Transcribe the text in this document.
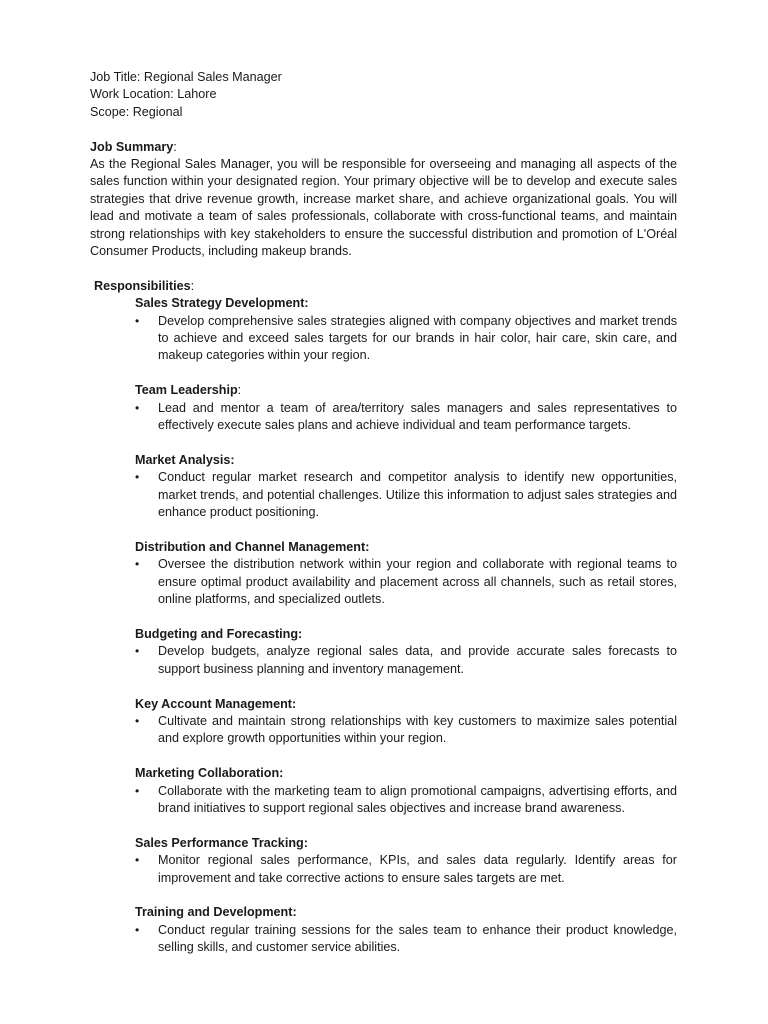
Job Title: Regional Sales Manager

Work Location: Lahore

Scope: Regional

Job Summary:

As the Regional Sales Manager, you will be responsible for overseeing and managing all aspects of the sales function within your designated region. Your primary objective will be to develop and execute sales strategies that drive revenue growth, increase market share, and achieve organizational goals. You will lead and motivate a team of sales professionals, collaborate with cross-functional teams, and maintain strong relationships with key stakeholders to ensure the successful distribution and promotion of L'Oréal Consumer Products, including makeup brands.

Responsibilities:

Sales Strategy Development:

•	Develop comprehensive sales strategies aligned with company objectives and market trends to achieve and exceed sales targets for our brands in hair color, hair care, skin care, and makeup categories within your region.

Team Leadership:

•	Lead and mentor a team of area/territory sales managers and sales representatives to effectively execute sales plans and achieve individual and team performance targets.

Market Analysis:

•	Conduct regular market research and competitor analysis to identify new opportunities, market trends, and potential challenges. Utilize this information to adjust sales strategies and enhance product positioning.

Distribution and Channel Management:

•	Oversee the distribution network within your region and collaborate with regional teams to ensure optimal product availability and placement across all channels, such as retail stores, online platforms, and specialized outlets.

Budgeting and Forecasting:

•	Develop budgets, analyze regional sales data, and provide accurate sales forecasts to support business planning and inventory management.

Key Account Management:

•	Cultivate and maintain strong relationships with key customers to maximize sales potential and explore growth opportunities within your region.

Marketing Collaboration:

•	Collaborate with the marketing team to align promotional campaigns, advertising efforts, and brand initiatives to support regional sales objectives and increase brand awareness.

Sales Performance Tracking:

•	Monitor regional sales performance, KPIs, and sales data regularly. Identify areas for improvement and take corrective actions to ensure sales targets are met.

Training and Development:

•	Conduct regular training sessions for the sales team to enhance their product knowledge, selling skills, and customer service abilities.
